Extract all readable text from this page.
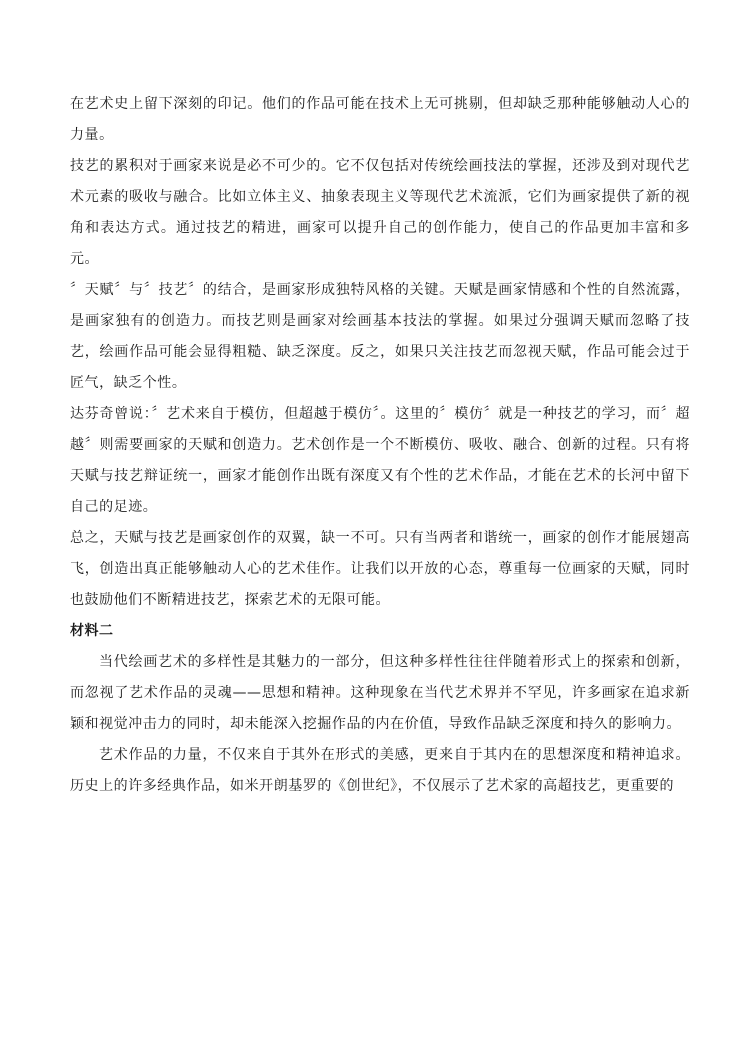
在艺术史上留下深刻的印记。他们的作品可能在技术上无可挑剔，但却缺乏那种能够触动人心的力量。

技艺的累积对于画家来说是必不可少的。它不仅包括对传统绘画技法的掌握，还涉及到对现代艺术元素的吸收与融合。比如立体主义、抽象表现主义等现代艺术流派，它们为画家提供了新的视角和表达方式。通过技艺的精进，画家可以提升自己的创作能力，使自己的作品更加丰富和多元。

〞天赋〞与〞技艺〞的结合，是画家形成独特风格的关键。天赋是画家情感和个性的自然流露，是画家独有的创造力。而技艺则是画家对绘画基本技法的掌握。如果过分强调天赋而忽略了技艺，绘画作品可能会显得粗糙、缺乏深度。反之，如果只关注技艺而忽视天赋，作品可能会过于匠气，缺乏个性。

达芬奇曾说：〞艺术来自于模仿，但超越于模仿〞。这里的〞模仿〞就是一种技艺的学习，而〞超越〞则需要画家的天赋和创造力。艺术创作是一个不断模仿、吸收、融合、创新的过程。只有将天赋与技艺辩证统一，画家才能创作出既有深度又有个性的艺术作品，才能在艺术的长河中留下自己的足迹。

总之，天赋与技艺是画家创作的双翼，缺一不可。只有当两者和谐统一，画家的创作才能展翅高飞，创造出真正能够触动人心的艺术佳作。让我们以开放的心态，尊重每一位画家的天赋，同时也鼓励他们不断精进技艺，探索艺术的无限可能。

材料二

当代绘画艺术的多样性是其魅力的一部分，但这种多样性往往伴随着形式上的探索和创新，而忽视了艺术作品的灵魂——思想和精神。这种现象在当代艺术界并不罕见，许多画家在追求新颖和视觉冲击力的同时，却未能深入挖掘作品的内在价值，导致作品缺乏深度和持久的影响力。

艺术作品的力量，不仅来自于其外在形式的美感，更来自于其内在的思想深度和精神追求。历史上的许多经典作品，如米开朗基罗的《创世纪》，不仅展示了艺术家的高超技艺，更重要的
